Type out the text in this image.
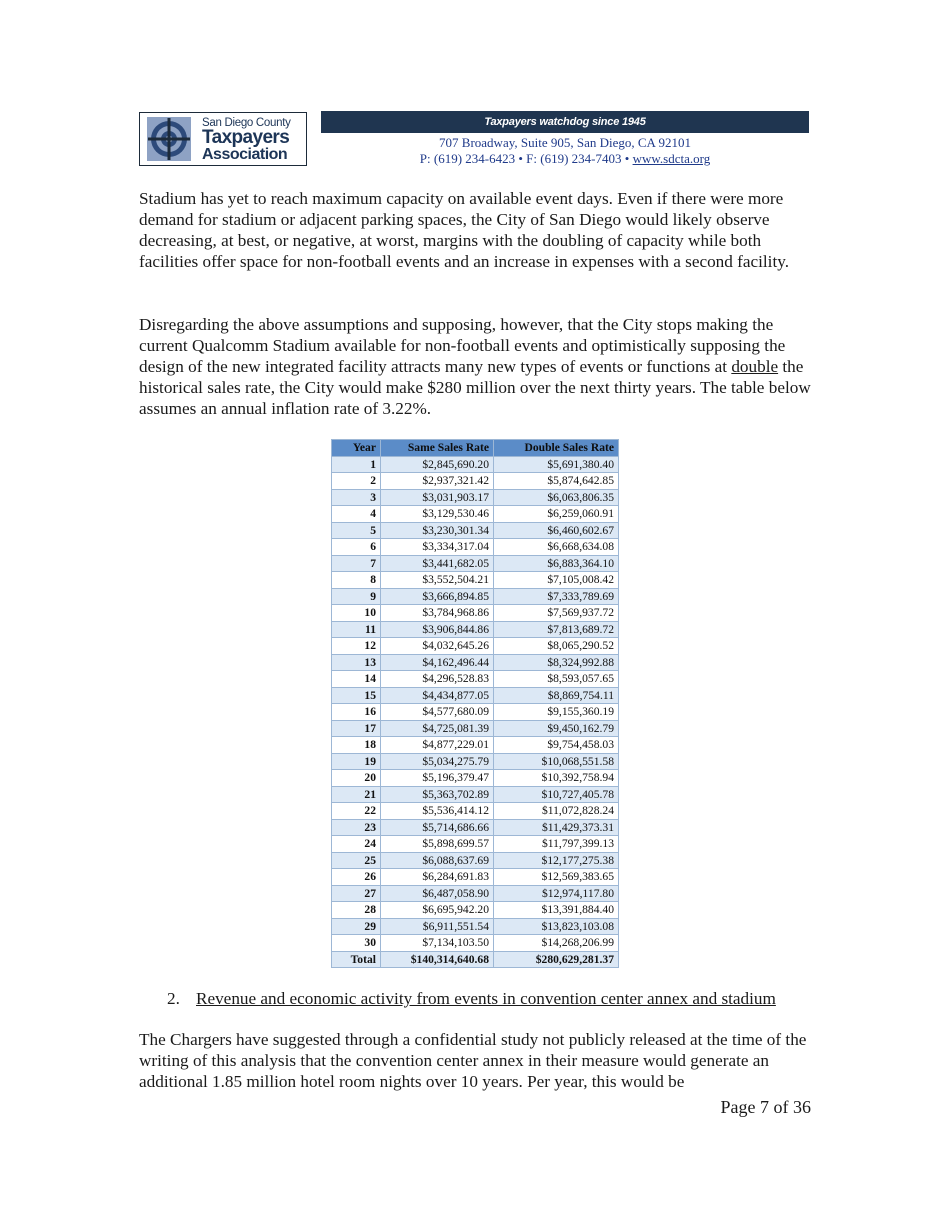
San Diego County
Taxpayers
Association
Taxpayers watchdog since 1945
707 Broadway, Suite 905, San Diego, CA 92101
P: (619) 234-6423 • F: (619) 234-7403 • www.sdcta.org
Stadium has yet to reach maximum capacity on available event days. Even if there were more demand for stadium or adjacent parking spaces, the City of San Diego would likely observe decreasing, at best, or negative, at worst, margins with the doubling of capacity while both facilities offer space for non-football events and an increase in expenses with a second facility.
Disregarding the above assumptions and supposing, however, that the City stops making the current Qualcomm Stadium available for non-football events and optimistically supposing the design of the new integrated facility attracts many new types of events or functions at double the historical sales rate, the City would make $280 million over the next thirty years. The table below assumes an annual inflation rate of 3.22%.
Year	Same Sales Rate	Double Sales Rate
1	$2,845,690.20	$5,691,380.40
2	$2,937,321.42	$5,874,642.85
3	$3,031,903.17	$6,063,806.35
4	$3,129,530.46	$6,259,060.91
5	$3,230,301.34	$6,460,602.67
6	$3,334,317.04	$6,668,634.08
7	$3,441,682.05	$6,883,364.10
8	$3,552,504.21	$7,105,008.42
9	$3,666,894.85	$7,333,789.69
10	$3,784,968.86	$7,569,937.72
11	$3,906,844.86	$7,813,689.72
12	$4,032,645.26	$8,065,290.52
13	$4,162,496.44	$8,324,992.88
14	$4,296,528.83	$8,593,057.65
15	$4,434,877.05	$8,869,754.11
16	$4,577,680.09	$9,155,360.19
17	$4,725,081.39	$9,450,162.79
18	$4,877,229.01	$9,754,458.03
19	$5,034,275.79	$10,068,551.58
20	$5,196,379.47	$10,392,758.94
21	$5,363,702.89	$10,727,405.78
22	$5,536,414.12	$11,072,828.24
23	$5,714,686.66	$11,429,373.31
24	$5,898,699.57	$11,797,399.13
25	$6,088,637.69	$12,177,275.38
26	$6,284,691.83	$12,569,383.65
27	$6,487,058.90	$12,974,117.80
28	$6,695,942.20	$13,391,884.40
29	$6,911,551.54	$13,823,103.08
30	$7,134,103.50	$14,268,206.99
Total	$140,314,640.68	$280,629,281.37
2. Revenue and economic activity from events in convention center annex and stadium
The Chargers have suggested through a confidential study not publicly released at the time of the writing of this analysis that the convention center annex in their measure would generate an additional 1.85 million hotel room nights over 10 years. Per year, this would be
Page 7 of 36
